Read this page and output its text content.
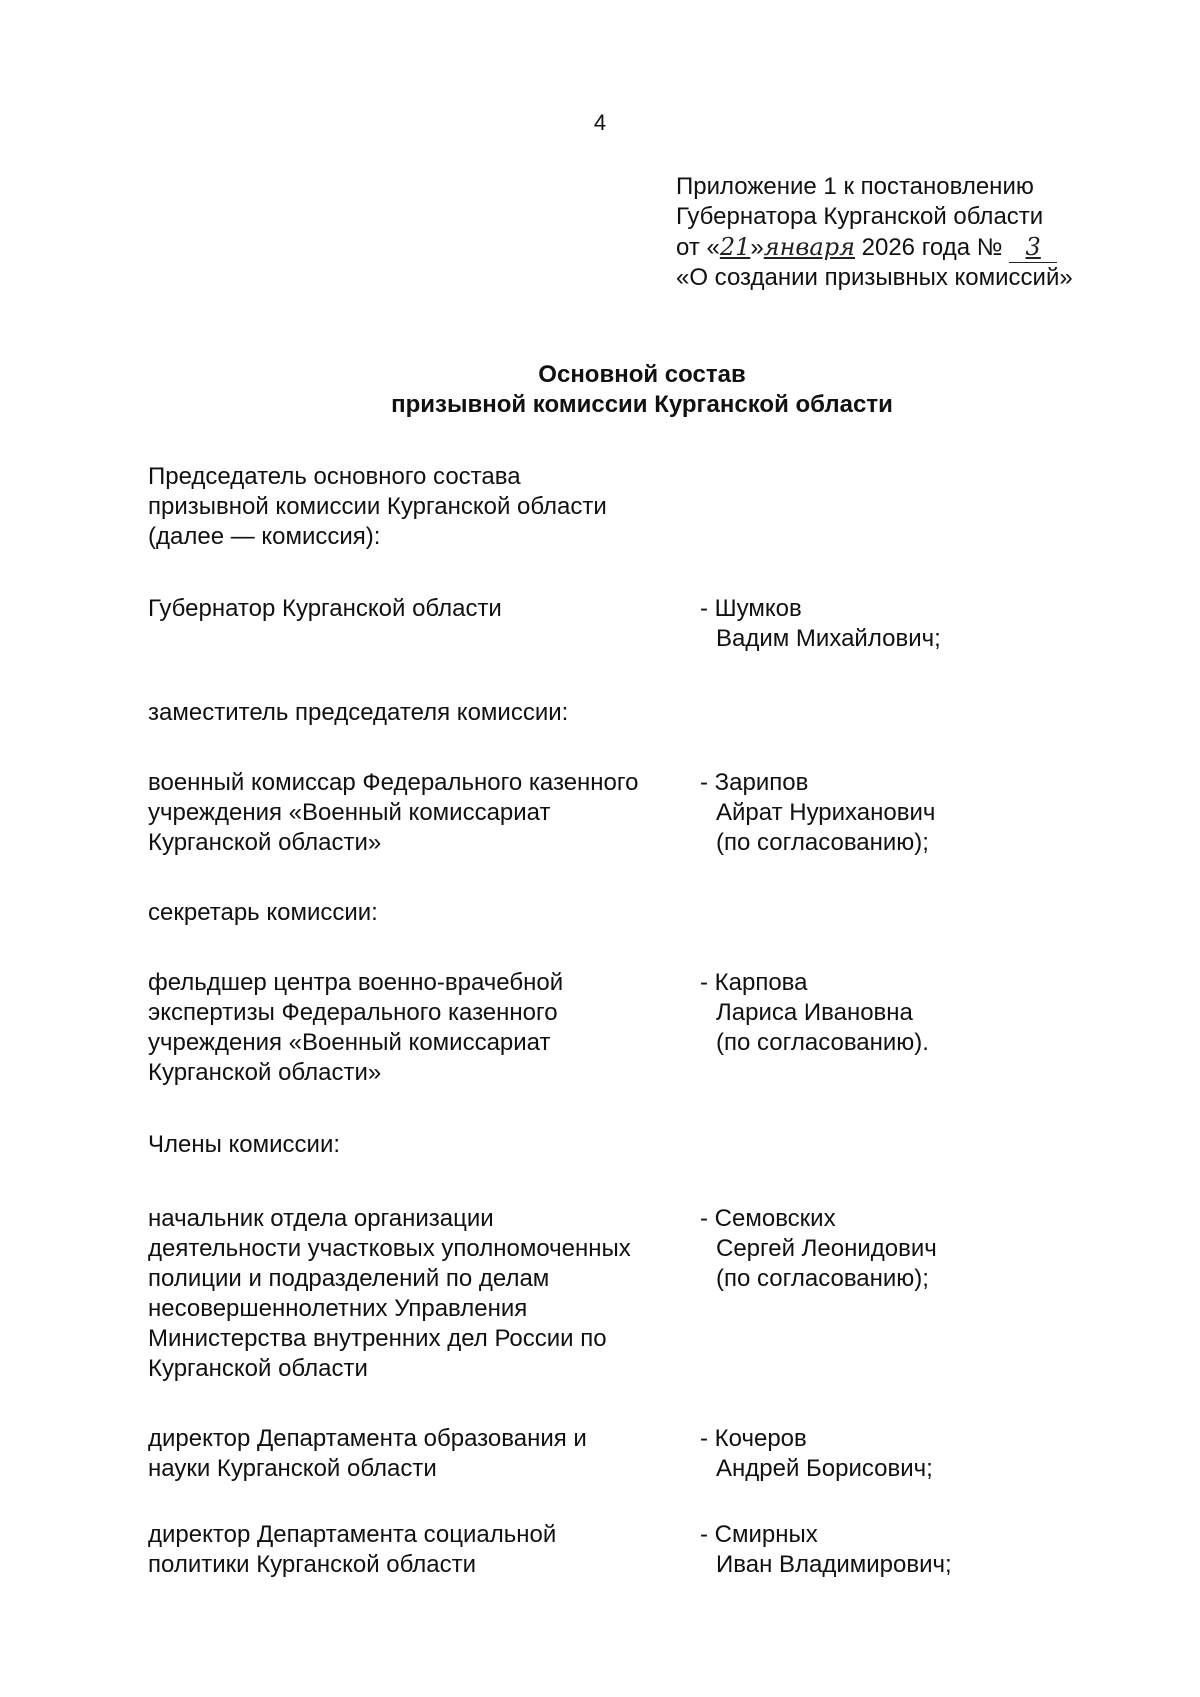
4
Приложение 1 к постановлению
Губернатора Курганской области
от «21»января 2026 года № 3
«О создании призывных комиссий»
Основной состав
призывной комиссии Курганской области
Председатель основного состава
призывной комиссии Курганской области
(далее — комиссия):
Губернатор Курганской области	- Шумков
Вадим Михайлович;
заместитель председателя комиссии:
военный комиссар Федерального казенного
учреждения «Военный комиссариат
Курганской области»
- Зарипов
Айрат Нуриханович
(по согласованию);
секретарь комиссии:
фельдшер центра военно-врачебной
экспертизы Федерального казенного
учреждения «Военный комиссариат
Курганской области»
- Карпова
Лариса Ивановна
(по согласованию).
Члены комиссии:
начальник отдела организации
деятельности участковых уполномоченных
полиции и подразделений по делам
несовершеннолетних Управления
Министерства внутренних дел России по
Курганской области
- Семовских
Сергей Леонидович
(по согласованию);
директор Департамента образования и
науки Курганской области
- Кочеров
Андрей Борисович;
директор Департамента социальной
политики Курганской области
- Смирных
Иван Владимирович;
